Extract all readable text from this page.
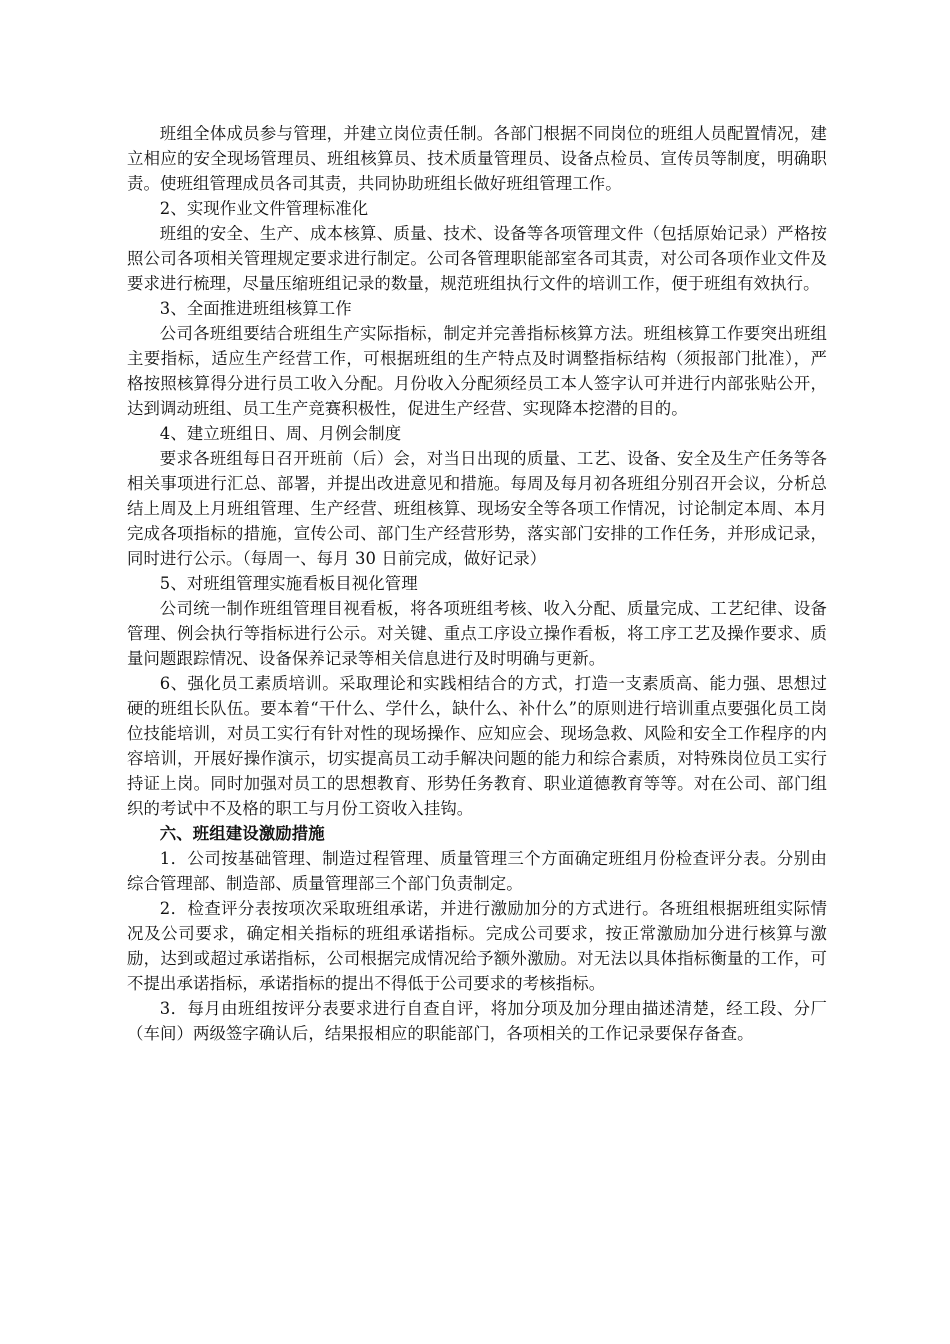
班组全体成员参与管理，并建立岗位责任制。各部门根据不同岗位的班组人员配置情况，建立相应的安全现场管理员、班组核算员、技术质量管理员、设备点检员、宣传员等制度，明确职责。使班组管理成员各司其责，共同协助班组长做好班组管理工作。

2、实现作业文件管理标准化

班组的安全、生产、成本核算、质量、技术、设备等各项管理文件（包括原始记录）严格按照公司各项相关管理规定要求进行制定。公司各管理职能部室各司其责，对公司各项作业文件及要求进行梳理，尽量压缩班组记录的数量，规范班组执行文件的培训工作，便于班组有效执行。

3、全面推进班组核算工作

公司各班组要结合班组生产实际指标，制定并完善指标核算方法。班组核算工作要突出班组主要指标，适应生产经营工作，可根据班组的生产特点及时调整指标结构（须报部门批准），严格按照核算得分进行员工收入分配。月份收入分配须经员工本人签字认可并进行内部张贴公开，达到调动班组、员工生产竞赛积极性，促进生产经营、实现降本挖潜的目的。

4、建立班组日、周、月例会制度

要求各班组每日召开班前（后）会，对当日出现的质量、工艺、设备、安全及生产任务等各相关事项进行汇总、部署，并提出改进意见和措施。每周及每月初各班组分别召开会议，分析总结上周及上月班组管理、生产经营、班组核算、现场安全等各项工作情况，讨论制定本周、本月完成各项指标的措施，宣传公司、部门生产经营形势，落实部门安排的工作任务，并形成记录，同时进行公示。（每周一、每月 30 日前完成，做好记录）

5、对班组管理实施看板目视化管理

公司统一制作班组管理目视看板，将各项班组考核、收入分配、质量完成、工艺纪律、设备管理、例会执行等指标进行公示。对关键、重点工序设立操作看板，将工序工艺及操作要求、质量问题跟踪情况、设备保养记录等相关信息进行及时明确与更新。

6、强化员工素质培训。采取理论和实践相结合的方式，打造一支素质高、能力强、思想过硬的班组长队伍。要本着“干什么、学什么，缺什么、补什么”的原则进行培训重点要强化员工岗位技能培训，对员工实行有针对性的现场操作、应知应会、现场急救、风险和安全工作程序的内容培训，开展好操作演示，切实提高员工动手解决问题的能力和综合素质，对特殊岗位员工实行持证上岗。同时加强对员工的思想教育、形势任务教育、职业道德教育等等。对在公司、部门组织的考试中不及格的职工与月份工资收入挂钩。

六、班组建设激励措施

1．公司按基础管理、制造过程管理、质量管理三个方面确定班组月份检查评分表。分别由综合管理部、制造部、质量管理部三个部门负责制定。

2．检查评分表按项次采取班组承诺，并进行激励加分的方式进行。各班组根据班组实际情况及公司要求，确定相关指标的班组承诺指标。完成公司要求，按正常激励加分进行核算与激励，达到或超过承诺指标，公司根据完成情况给予额外激励。对无法以具体指标衡量的工作，可不提出承诺指标，承诺指标的提出不得低于公司要求的考核指标。

3．每月由班组按评分表要求进行自查自评，将加分项及加分理由描述清楚，经工段、分厂（车间）两级签字确认后，结果报相应的职能部门，各项相关的工作记录要保存备查。
